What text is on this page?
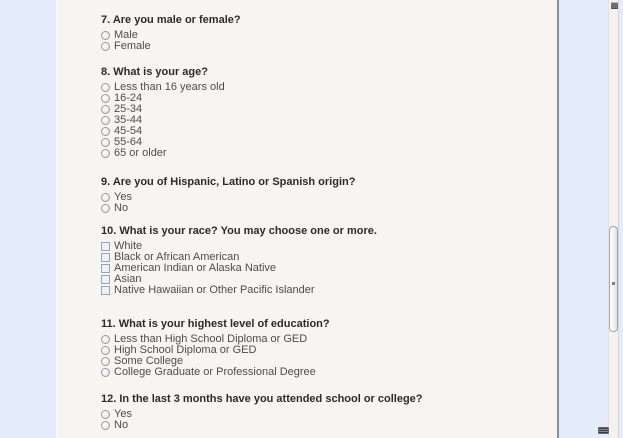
7. Are you male or female?
Male
Female
8. What is your age?
Less than 16 years old
16-24
25-34
35-44
45-54
55-64
65 or older
9. Are you of Hispanic, Latino or Spanish origin?
Yes
No
10. What is your race? You may choose one or more.
White
Black or African American
American Indian or Alaska Native
Asian
Native Hawaiian or Other Pacific Islander
11. What is your highest level of education?
Less than High School Diploma or GED
High School Diploma or GED
Some College
College Graduate or Professional Degree
12. In the last 3 months have you attended school or college?
Yes
No
